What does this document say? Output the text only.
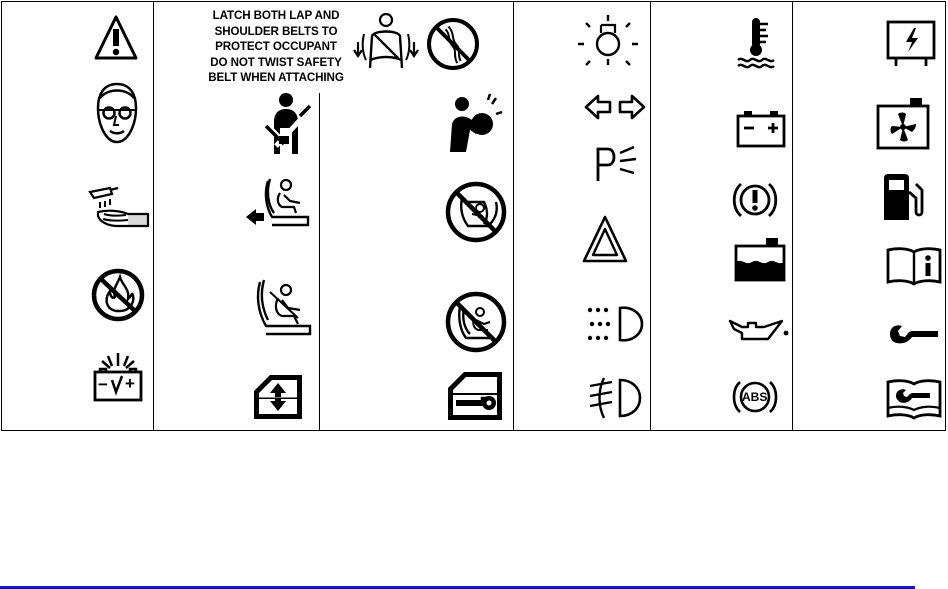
− +
LATCH BOTH LAP AND
SHOULDER BELTS TO
PROTECT OCCUPANT
DO NOT TWIST SAFETY
BELT WHEN ATTACHING
ABS
